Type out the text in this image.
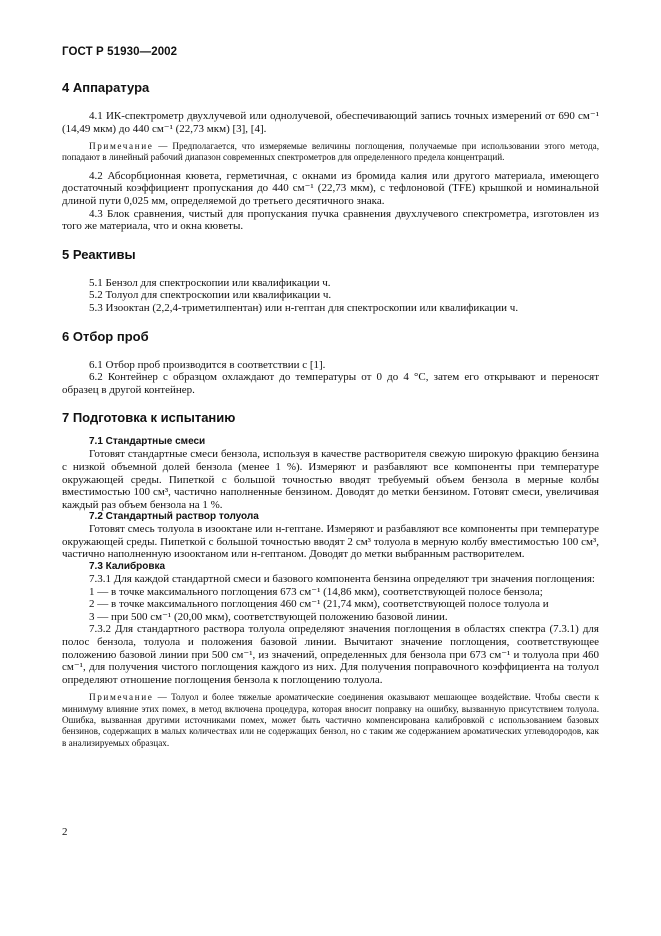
ГОСТ Р 51930—2002
4 Аппаратура

4.1 ИК-спектрометр двухлучевой или однолучевой, обеспечивающий запись точных измерений от 690 см⁻¹ (14,49 мкм) до 440 см⁻¹ (22,73 мкм) [3], [4].

Примечание — Предполагается, что измеряемые величины поглощения, получаемые при использовании этого метода, попадают в линейный рабочий диапазон современных спектрометров для определенного предела концентраций.

4.2 Абсорбционная кювета, герметичная, с окнами из бромида калия или другого материала, имеющего достаточный коэффициент пропускания до 440 см⁻¹ (22,73 мкм), с тефлоновой (TFE) крышкой и номинальной длиной пути 0,025 мм, определяемой до третьего десятичного знака.

4.3 Блок сравнения, чистый для пропускания пучка сравнения двухлучевого спектрометра, изготовлен из того же материала, что и окна кюветы.

5 Реактивы

5.1 Бензол для спектроскопии или квалификации ч.

5.2 Толуол для спектроскопии или квалификации ч.

5.3 Изооктан (2,2,4-триметилпентан) или н-гептан для спектроскопии или квалификации ч.

6 Отбор проб

6.1 Отбор проб производится в соответствии с [1].

6.2 Контейнер с образцом охлаждают до температуры от 0 до 4 °С, затем его открывают и переносят образец в другой контейнер.

7 Подготовка к испытанию
7.1 Стандартные смеси

Готовят стандартные смеси бензола, используя в качестве растворителя свежую широкую фракцию бензина с низкой объемной долей бензола (менее 1 %). Измеряют и разбавляют все компоненты при температуре окружающей среды. Пипеткой с большой точностью вводят требуемый объем бензола в мерные колбы вместимостью 100 см³, частично наполненные бензином. Доводят до метки бензином. Готовят смеси, увеличивая каждый раз объем бензола на 1 %.

7.2 Стандартный раствор толуола

Готовят смесь толуола в изооктане или н-гептане. Измеряют и разбавляют все компоненты при температуре окружающей среды. Пипеткой с большой точностью вводят 2 см³ толуола в мерную колбу вместимостью 100 см³, частично наполненную изооктаном или н-гептаном. Доводят до метки выбранным растворителем.

7.3 Калибровка

7.3.1 Для каждой стандартной смеси и базового компонента бензина определяют три значения поглощения:

1 — в точке максимального поглощения 673 см⁻¹ (14,86 мкм), соответствующей полосе бензола;

2 — в точке максимального поглощения 460 см⁻¹ (21,74 мкм), соответствующей полосе толуола и

3 — при 500 см⁻¹ (20,00 мкм), соответствующей положению базовой линии.

7.3.2 Для стандартного раствора толуола определяют значения поглощения в областях спектра (7.3.1) для полос бензола, толуола и положения базовой линии. Вычитают значение поглощения, соответствующее положению базовой линии при 500 см⁻¹, из значений, определенных для бензола при 673 см⁻¹ и толуола при 460 см⁻¹, для получения чистого поглощения каждого из них. Для получения поправочного коэффициента на толуол определяют отношение поглощения бензола к поглощению толуола.

Примечание — Толуол и более тяжелые ароматические соединения оказывают мешающее воздействие. Чтобы свести к минимуму влияние этих помех, в метод включена процедура, которая вносит поправку на ошибку, вызванную присутствием толуола. Ошибка, вызванная другими источниками помех, может быть частично компенсирована калибровкой с использованием базовых бензинов, содержащих в малых количествах или не содержащих бензол, но с таким же содержанием ароматических углеводородов, как в анализируемых образцах.

2
